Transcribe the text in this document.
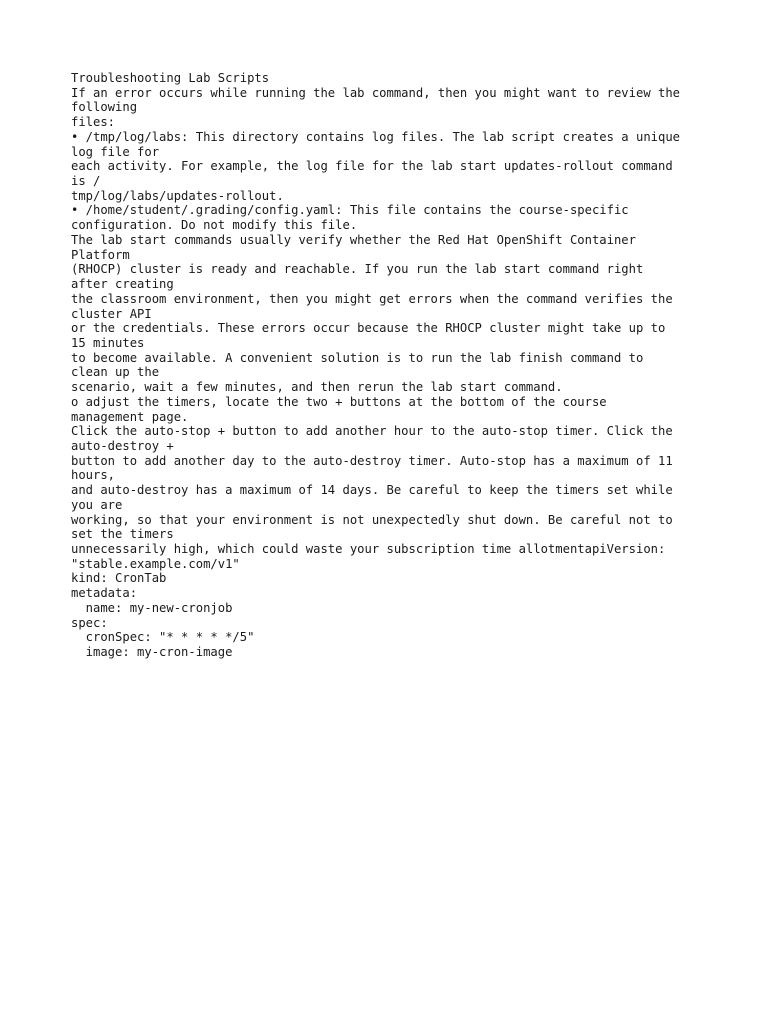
Troubleshooting Lab Scripts
If an error occurs while running the lab command, then you might want to review the
following
files:
• /tmp/log/labs: This directory contains log files. The lab script creates a unique
log file for
each activity. For example, the log file for the lab start updates-rollout command
is /
tmp/log/labs/updates-rollout.
• /home/student/.grading/config.yaml: This file contains the course-specific
configuration. Do not modify this file.
The lab start commands usually verify whether the Red Hat OpenShift Container
Platform
(RHOCP) cluster is ready and reachable. If you run the lab start command right
after creating
the classroom environment, then you might get errors when the command verifies the
cluster API
or the credentials. These errors occur because the RHOCP cluster might take up to
15 minutes
to become available. A convenient solution is to run the lab finish command to
clean up the
scenario, wait a few minutes, and then rerun the lab start command.
o adjust the timers, locate the two + buttons at the bottom of the course
management page.
Click the auto-stop + button to add another hour to the auto-stop timer. Click the
auto-destroy +
button to add another day to the auto-destroy timer. Auto-stop has a maximum of 11
hours,
and auto-destroy has a maximum of 14 days. Be careful to keep the timers set while
you are
working, so that your environment is not unexpectedly shut down. Be careful not to
set the timers
unnecessarily high, which could waste your subscription time allotmentapiVersion:
"stable.example.com/v1"
kind: CronTab
metadata:
name: my-new-cronjob
spec:
cronSpec: "* * * * */5"
image: my-cron-image
